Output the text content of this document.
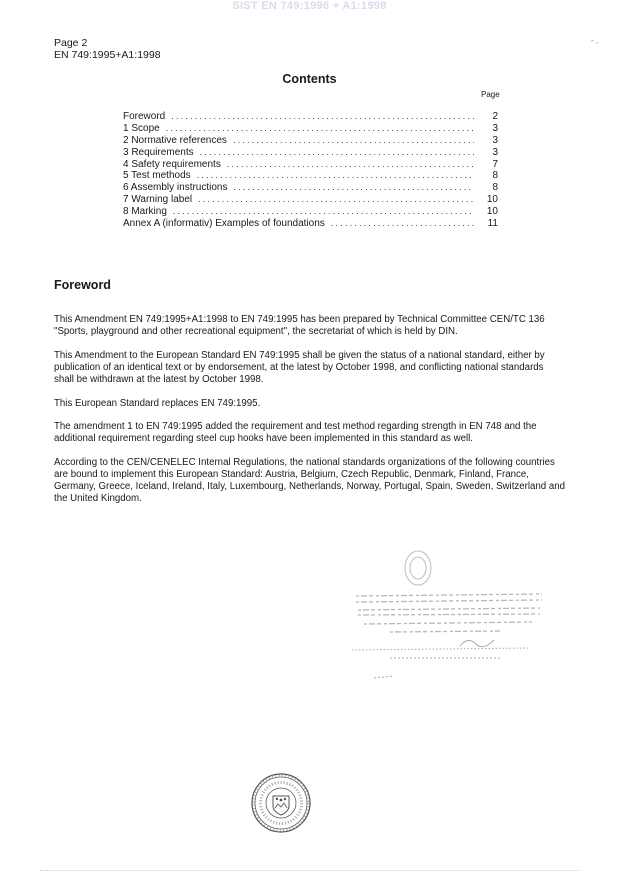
SIST EN 749:1996 + A1:1998
Page 2
EN 749:1995+A1:1998
- ,
Contents
Page
Foreword .....	2
1 Scope .....	3
2 Normative references .....	3
3 Requirements .....	3
4 Safety requirements .....	7
5 Test methods .....	8
6 Assembly instructions .....	8
7 Warning label .....	10
8 Marking .....	10
Annex A (informativ) Examples of foundations .....	11
Foreword

This Amendment EN 749:1995+A1:1998 to EN 749:1995 has been prepared by Technical Committee CEN/TC 136 "Sports, playground and other recreational equipment", the secretariat of which is held by DIN.

This Amendment to the European Standard EN 749:1995 shall be given the status of a national standard, either by publication of an identical text or by endorsement, at the latest by October 1998, and conflicting national standards shall be withdrawn at the latest by October 1998.

This European Standard replaces EN 749:1995.

The amendment 1 to EN 749:1995 added the requirement and test method regarding strength in EN 748 and the additional requirement regarding steel cup hooks have been implemented in this standard as well.

According to the CEN/CENELEC Internal Regulations, the national standards organizations of the following countries are bound to implement this European Standard: Austria, Belgium, Czech Republic, Denmark, Finland, France, Germany, Greece, Iceland, Ireland, Italy, Luxembourg, Netherlands, Norway, Portugal, Spain, Sweden, Switzerland and the United Kingdom.
